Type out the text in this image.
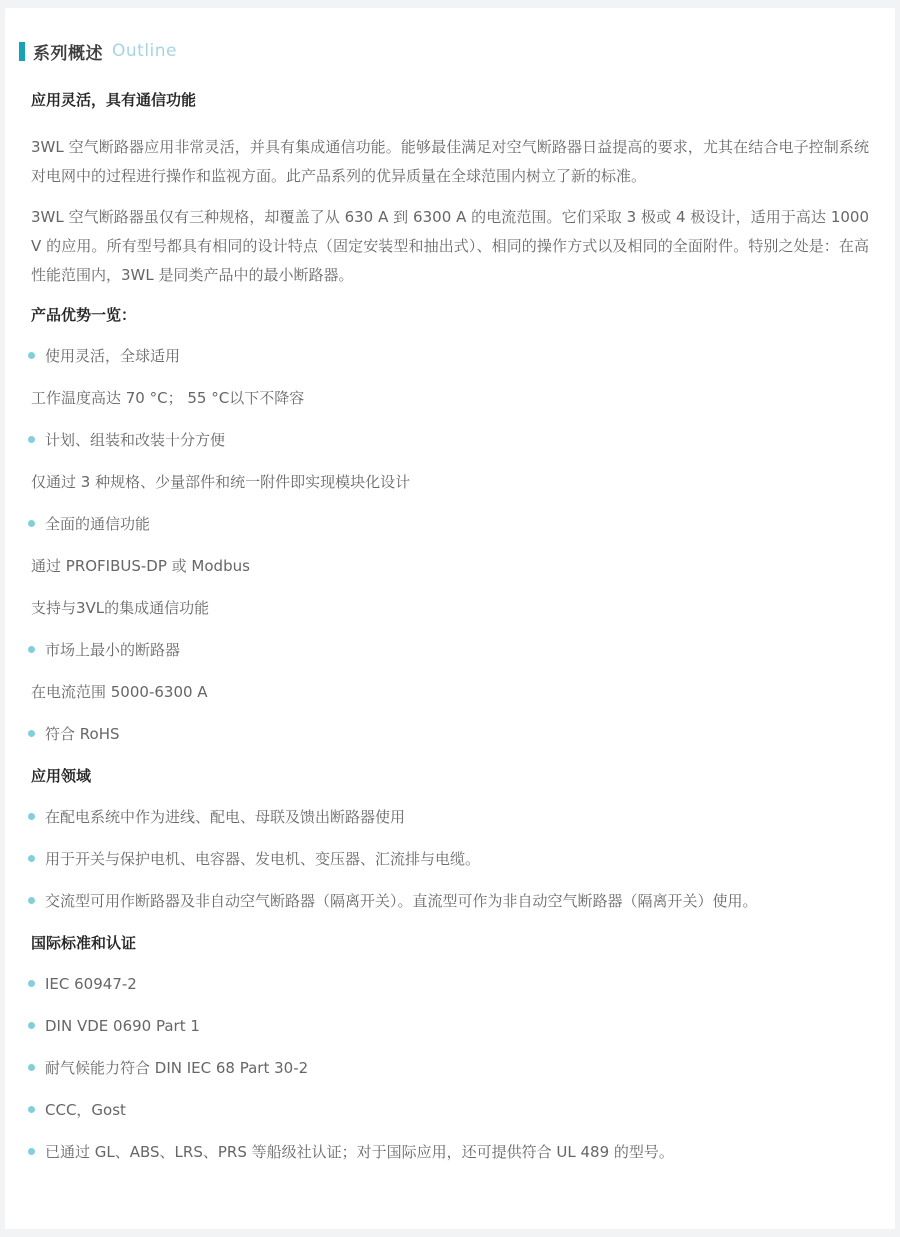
系列概述 Outline
应用灵活，具有通信功能

3WL 空气断路器应用非常灵活，并具有集成通信功能。能够最佳满足对空气断路器日益提高的要求，尤其在结合电子控制系统对电网中的过程进行操作和监视方面。此产品系列的优异质量在全球范围内树立了新的标准。

3WL 空气断路器虽仅有三种规格，却覆盖了从 630 A 到 6300 A 的电流范围。它们采取 3 极或 4 极设计，适用于高达 1000 V 的应用。所有型号都具有相同的设计特点（固定安装型和抽出式）、相同的操作方式以及相同的全面附件。特别之处是：在高性能范围内，3WL 是同类产品中的最小断路器。

产品优势一览：
使用灵活，全球适用
工作温度高达 70 °C； 55 °C以下不降容
计划、组装和改装十分方便
仅通过 3 种规格、少量部件和统一附件即实现模块化设计
全面的通信功能
通过 PROFIBUS-DP 或 Modbus
支持与3VL的集成通信功能
市场上最小的断路器
在电流范围 5000-6300 A
符合 RoHS
应用领域
在配电系统中作为进线、配电、母联及馈出断路器使用
用于开关与保护电机、电容器、发电机、变压器、汇流排与电缆。
交流型可用作断路器及非自动空气断路器（隔离开关）。直流型可作为非自动空气断路器（隔离开关）使用。
国际标准和认证
IEC 60947-2
DIN VDE 0690 Part 1
耐气候能力符合 DIN IEC 68 Part 30-2
CCC，Gost
已通过 GL、ABS、LRS、PRS 等船级社认证；对于国际应用，还可提供符合 UL 489 的型号。
